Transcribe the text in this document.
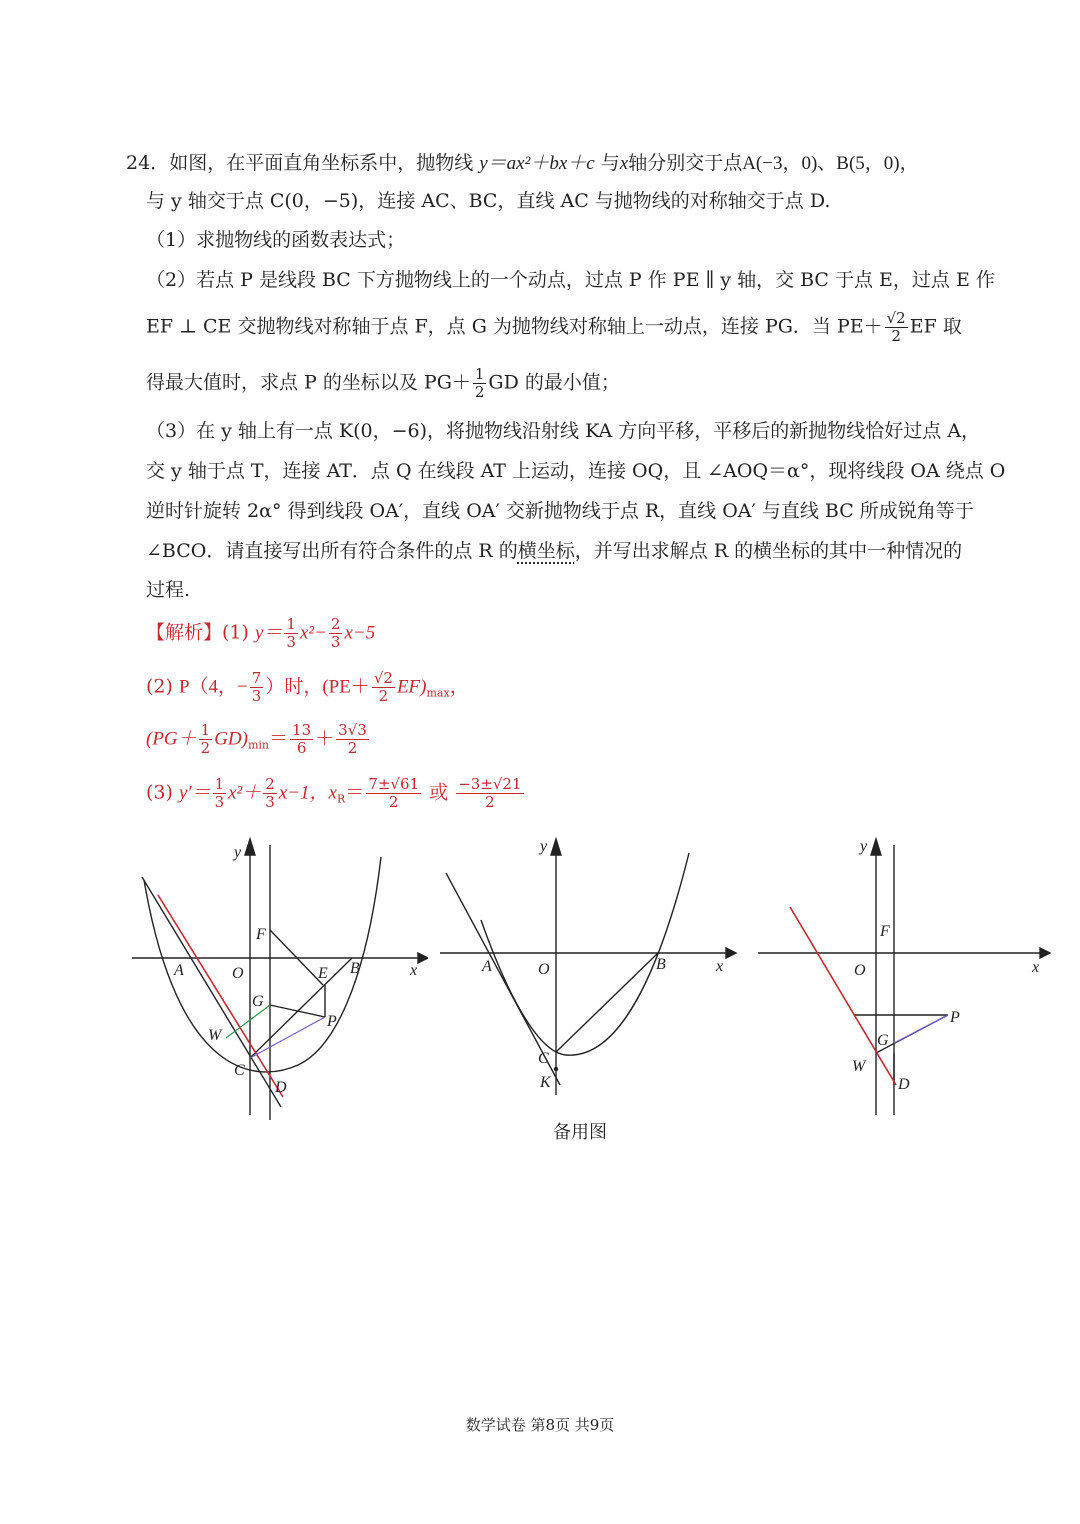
24．如图，在平面直角坐标系中，抛物线 y＝ax²＋bx＋c 与x轴分别交于点A(−3，0)、B(5，0)，
与 y 轴交于点 C(0，−5)，连接 AC、BC，直线 AC 与抛物线的对称轴交于点 D.
（1）求抛物线的函数表达式；
（2）若点 P 是线段 BC 下方抛物线上的一个动点，过点 P 作 PE ∥ y 轴，交 BC 于点 E，过点 E 作
EF ⊥ CE 交抛物线对称轴于点 F，点 G 为抛物线对称轴上一动点，连接 PG．当 $PE+ \frac{√2}{2}$ EF 取
得最大值时，求点 P 的坐标以及 $PG+ \frac{1}{2}$ GD 的最小值；
（3）在 y 轴上有一点 K(0，−6)，将抛物线沿射线 KA 方向平移，平移后的新抛物线恰好过点 A，
交 y 轴于点 T，连接 AT．点 Q 在线段 AT 上运动，连接 OQ，且 ∠AOQ＝α°，现将线段 OA 绕点 O
逆时针旋转 2α° 得到线段 OA′，直线 OA′ 交新抛物线于点 R，直线 OA′ 与直线 BC 所成锐角等于
∠BCO．请直接写出所有符合条件的点 R 的横坐标，并写出求解点 R 的横坐标的其中一种情况的
过程.
【解析】(1) $y= \frac{1}{3} x^2- \frac{2}{3} x-5$
(2) P（4，− $\frac{7}{3}$ ）时，$(PE+ \frac{√2}{2} EF)_{max}$，
$(PG+ \frac{1}{2} GD)_{min}= \frac{13}{6} + \frac{3√3}{2}$
(3) $y'= \frac{1}{3} x^2+ \frac{2}{3} x-1$，$x_R= \frac{7\pm√61}{2}$ 或 $\frac{-3\pm√21}{2}$
y
x
A	O	B
E
F
G
P
W
C
D
y
x
A	O	B
C
K
备用图
y
x
F
O
P
G
W
D
数学试卷 第8页 共9页
